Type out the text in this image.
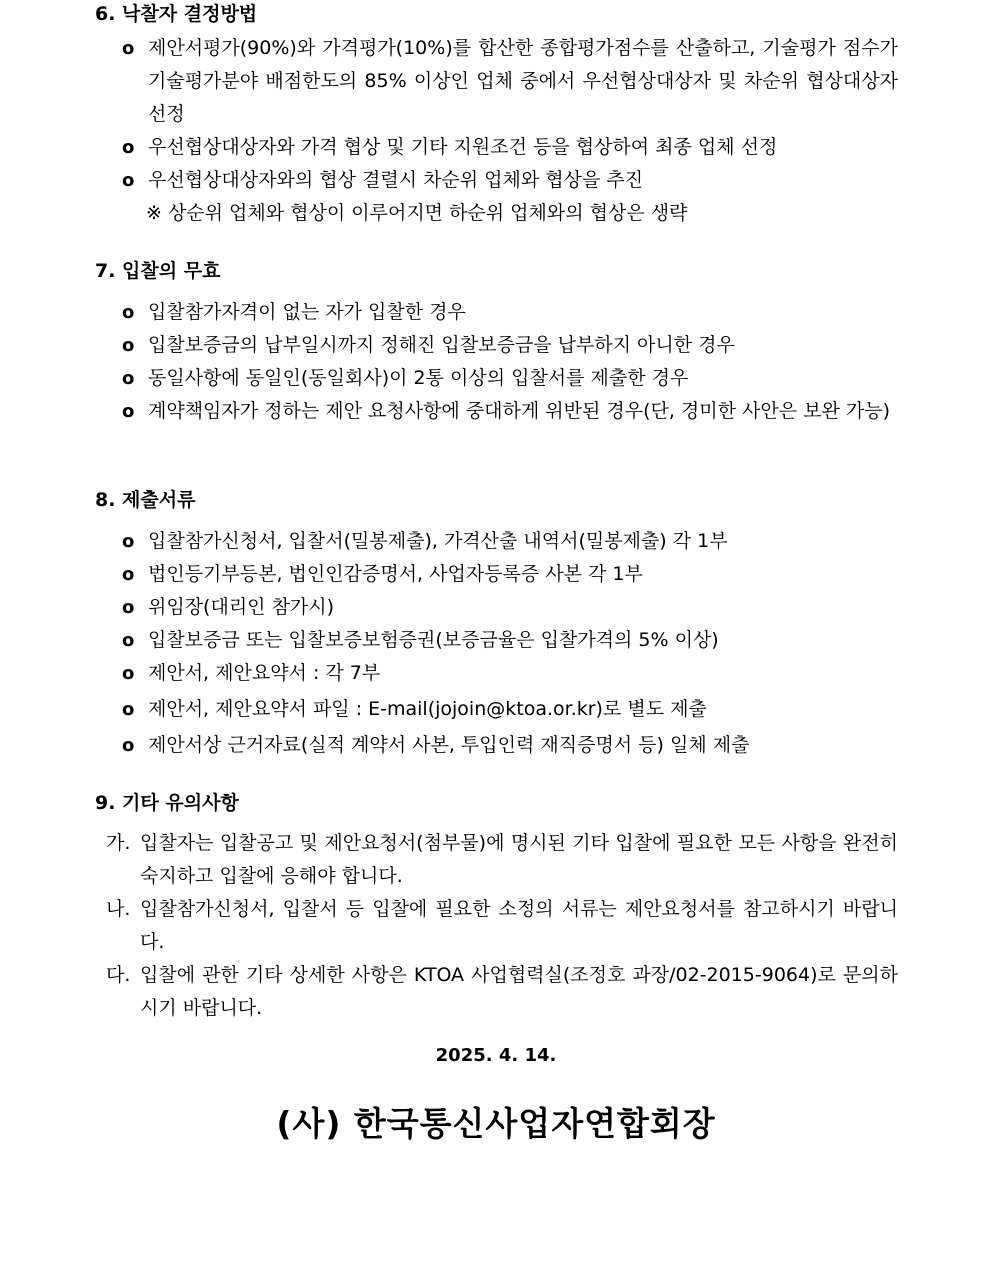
6. 낙찰자 결정방법
o 제안서평가(90%)와 가격평가(10%)를 합산한 종합평가점수를 산출하고, 기술평가 점수가 기술평가분야 배점한도의 85% 이상인 업체 중에서 우선협상대상자 및 차순위 협상대상자 선정
o 우선협상대상자와 가격 협상 및 기타 지원조건 등을 협상하여 최종 업체 선정
o 우선협상대상자와의 협상 결렬시 차순위 업체와 협상을 추진
※ 상순위 업체와 협상이 이루어지면 하순위 업체와의 협상은 생략
7. 입찰의 무효
o 입찰참가자격이 없는 자가 입찰한 경우
o 입찰보증금의 납부일시까지 정해진 입찰보증금을 납부하지 아니한 경우
o 동일사항에 동일인(동일회사)이 2통 이상의 입찰서를 제출한 경우
o 계약책임자가 정하는 제안 요청사항에 중대하게 위반된 경우(단, 경미한 사안은 보완 가능)
8. 제출서류
o 입찰참가신청서, 입찰서(밀봉제출), 가격산출 내역서(밀봉제출) 각 1부
o 법인등기부등본, 법인인감증명서, 사업자등록증 사본 각 1부
o 위임장(대리인 참가시)
o 입찰보증금 또는 입찰보증보험증권(보증금율은 입찰가격의 5% 이상)
o 제안서, 제안요약서 : 각 7부
o 제안서, 제안요약서 파일 : E-mail(jojoin@ktoa.or.kr)로 별도 제출
o 제안서상 근거자료(실적 계약서 사본, 투입인력 재직증명서 등) 일체 제출
9. 기타 유의사항
가. 입찰자는 입찰공고 및 제안요청서(첨부물)에 명시된 기타 입찰에 필요한 모든 사항을 완전히 숙지하고 입찰에 응해야 합니다.
나. 입찰참가신청서, 입찰서 등 입찰에 필요한 소정의 서류는 제안요청서를 참고하시기 바랍니다.
다. 입찰에 관한 기타 상세한 사항은 KTOA 사업협력실(조정호 과장/02-2015-9064)로 문의하시기 바랍니다.
2025. 4. 14.
(사) 한국통신사업자연합회장
